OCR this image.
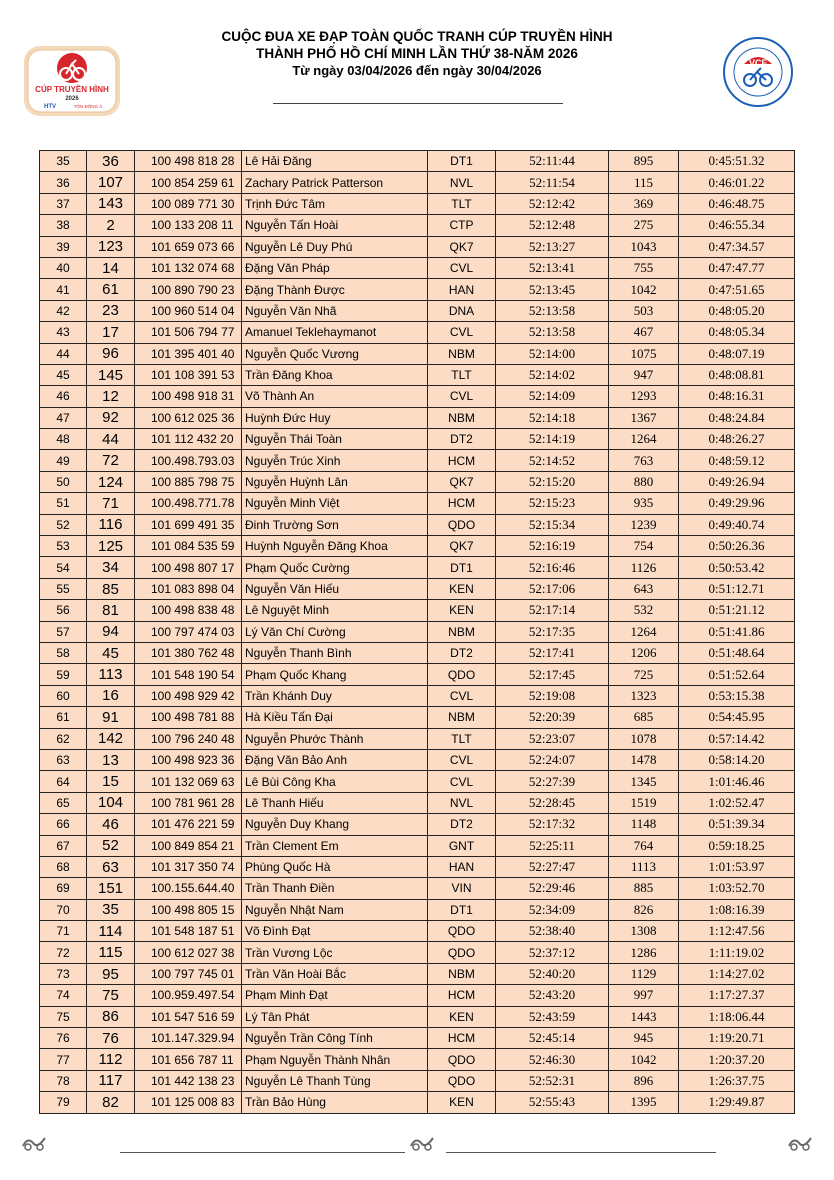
CUỘC ĐUA XE ĐẠP TOÀN QUỐC TRANH CÚP TRUYỀN HÌNH
THÀNH PHỐ HỒ CHÍ MINH LẦN THỨ 38-NĂM 2026
Từ ngày 03/04/2026 đến ngày 30/04/2026
CÚP TRUYỀN HÌNH
2026
HTV	TÔN ĐÔNG Á
VCF
35	36	100 498 818 28	Lê Hải Đăng	DT1	52:11:44	895	0:45:51.32
36	107	100 854 259 61	Zachary Patrick Patterson	NVL	52:11:54	115	0:46:01.22
37	143	100 089 771 30	Trịnh Đức Tâm	TLT	52:12:42	369	0:46:48.75
38	2	100 133 208 11	Nguyễn Tấn Hoài	CTP	52:12:48	275	0:46:55.34
39	123	101 659 073 66	Nguyễn Lê Duy Phú	QK7	52:13:27	1043	0:47:34.57
40	14	101 132 074 68	Đặng Văn Pháp	CVL	52:13:41	755	0:47:47.77
41	61	100 890 790 23	Đặng Thành Được	HAN	52:13:45	1042	0:47:51.65
42	23	100 960 514 04	Nguyễn Văn Nhã	DNA	52:13:58	503	0:48:05.20
43	17	101 506 794 77	Amanuel Teklehaymanot	CVL	52:13:58	467	0:48:05.34
44	96	101 395 401 40	Nguyễn Quốc Vương	NBM	52:14:00	1075	0:48:07.19
45	145	101 108 391 53	Trần Đăng Khoa	TLT	52:14:02	947	0:48:08.81
46	12	100 498 918 31	Võ Thành An	CVL	52:14:09	1293	0:48:16.31
47	92	100 612 025 36	Huỳnh Đức Huy	NBM	52:14:18	1367	0:48:24.84
48	44	101 112 432 20	Nguyễn Thái Toàn	DT2	52:14:19	1264	0:48:26.27
49	72	100.498.793.03	Nguyễn Trúc Xinh	HCM	52:14:52	763	0:48:59.12
50	124	100 885 798 75	Nguyễn Huỳnh Lân	QK7	52:15:20	880	0:49:26.94
51	71	100.498.771.78	Nguyễn Minh Việt	HCM	52:15:23	935	0:49:29.96
52	116	101 699 491 35	Đinh Trường Sơn	QDO	52:15:34	1239	0:49:40.74
53	125	101 084 535 59	Huỳnh Nguyễn Đăng Khoa	QK7	52:16:19	754	0:50:26.36
54	34	100 498 807 17	Phạm Quốc Cường	DT1	52:16:46	1126	0:50:53.42
55	85	101 083 898 04	Nguyễn Văn Hiếu	KEN	52:17:06	643	0:51:12.71
56	81	100 498 838 48	Lê Nguyệt Minh	KEN	52:17:14	532	0:51:21.12
57	94	100 797 474 03	Lý Văn Chí Cường	NBM	52:17:35	1264	0:51:41.86
58	45	101 380 762 48	Nguyễn Thanh Bình	DT2	52:17:41	1206	0:51:48.64
59	113	101 548 190 54	Phạm Quốc Khang	QDO	52:17:45	725	0:51:52.64
60	16	100 498 929 42	Trần Khánh Duy	CVL	52:19:08	1323	0:53:15.38
61	91	100 498 781 88	Hà Kiều Tấn Đại	NBM	52:20:39	685	0:54:45.95
62	142	100 796 240 48	Nguyễn Phước Thành	TLT	52:23:07	1078	0:57:14.42
63	13	100 498 923 36	Đặng Văn Bảo Anh	CVL	52:24:07	1478	0:58:14.20
64	15	101 132 069 63	Lê Bùi Công Kha	CVL	52:27:39	1345	1:01:46.46
65	104	100 781 961 28	Lê Thanh Hiếu	NVL	52:28:45	1519	1:02:52.47
66	46	101 476 221 59	Nguyễn Duy Khang	DT2	52:17:32	1148	0:51:39.34
67	52	100 849 854 21	Trần Clement Em	GNT	52:25:11	764	0:59:18.25
68	63	101 317 350 74	Phùng Quốc Hà	HAN	52:27:47	1113	1:01:53.97
69	151	100.155.644.40	Trần Thanh Điền	VIN	52:29:46	885	1:03:52.70
70	35	100 498 805 15	Nguyễn Nhật Nam	DT1	52:34:09	826	1:08:16.39
71	114	101 548 187 51	Võ Đình Đạt	QDO	52:38:40	1308	1:12:47.56
72	115	100 612 027 38	Trần Vương Lộc	QDO	52:37:12	1286	1:11:19.02
73	95	100 797 745 01	Trần Văn Hoài Bắc	NBM	52:40:20	1129	1:14:27.02
74	75	100.959.497.54	Phạm Minh Đạt	HCM	52:43:20	997	1:17:27.37
75	86	101 547 516 59	Lý Tân Phát	KEN	52:43:59	1443	1:18:06.44
76	76	101.147.329.94	Nguyễn Trần Công Tính	HCM	52:45:14	945	1:19:20.71
77	112	101 656 787 11	Phạm Nguyễn Thành Nhân	QDO	52:46:30	1042	1:20:37.20
78	117	101 442 138 23	Nguyễn Lê Thanh Tùng	QDO	52:52:31	896	1:26:37.75
79	82	101 125 008 83	Trần Bảo Hùng	KEN	52:55:43	1395	1:29:49.87
